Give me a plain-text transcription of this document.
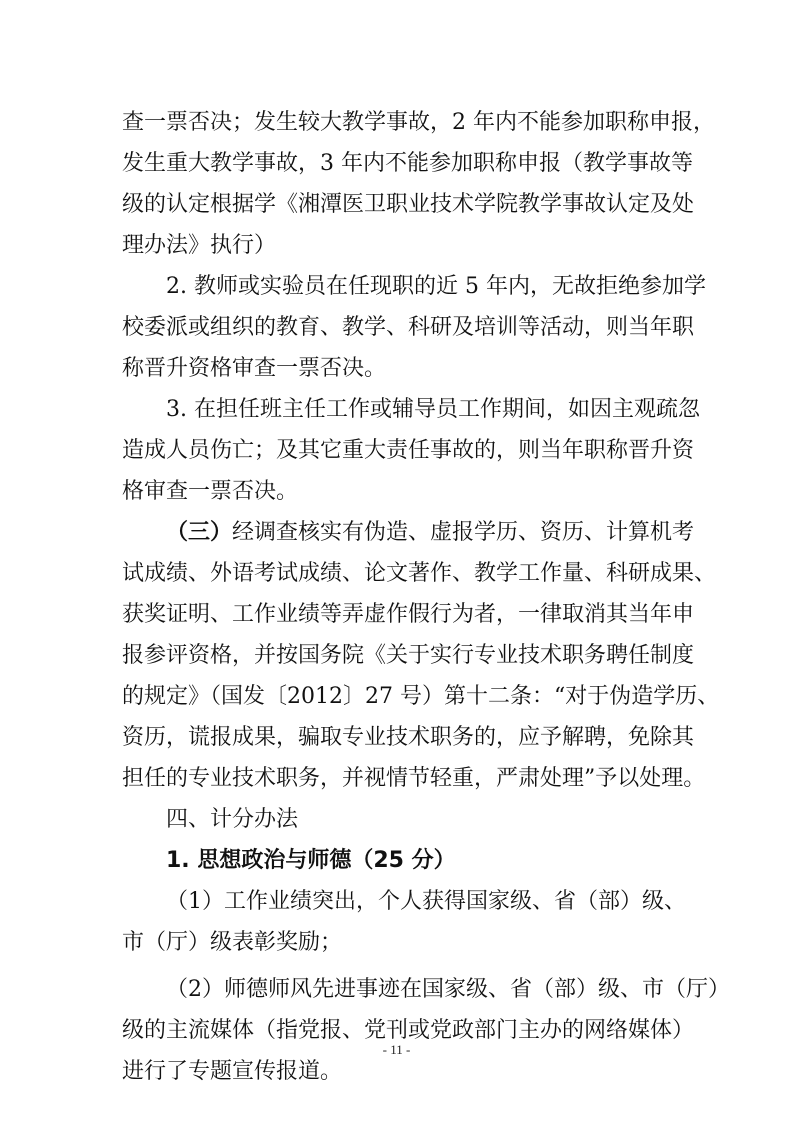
查一票否决；发生较大教学事故，2 年内不能参加职称申报，

发生重大教学事故，3 年内不能参加职称申报（教学事故等

级的认定根据学《湘潭医卫职业技术学院教学事故认定及处

理办法》执行）

2. 教师或实验员在任现职的近 5 年内，无故拒绝参加学

校委派或组织的教育、教学、科研及培训等活动，则当年职

称晋升资格审查一票否决。

3. 在担任班主任工作或辅导员工作期间，如因主观疏忽

造成人员伤亡；及其它重大责任事故的，则当年职称晋升资

格审查一票否决。

（三）经调查核实有伪造、虚报学历、资历、计算机考

试成绩、外语考试成绩、论文著作、教学工作量、科研成果、

获奖证明、工作业绩等弄虚作假行为者，一律取消其当年申

报参评资格，并按国务院《关于实行专业技术职务聘任制度

的规定》（国发〔2012〕27 号）第十二条：“对于伪造学历、

资历，谎报成果，骗取专业技术职务的，应予解聘，免除其

担任的专业技术职务，并视情节轻重，严肃处理”予以处理。

四、计分办法

1. 思想政治与师德（25 分）

（1）工作业绩突出，个人获得国家级、省（部）级、

市（厅）级表彰奖励；

（2）师德师风先进事迹在国家级、省（部）级、市（厅）

级的主流媒体（指党报、党刊或党政部门主办的网络媒体）

进行了专题宣传报道。

- 11 -
